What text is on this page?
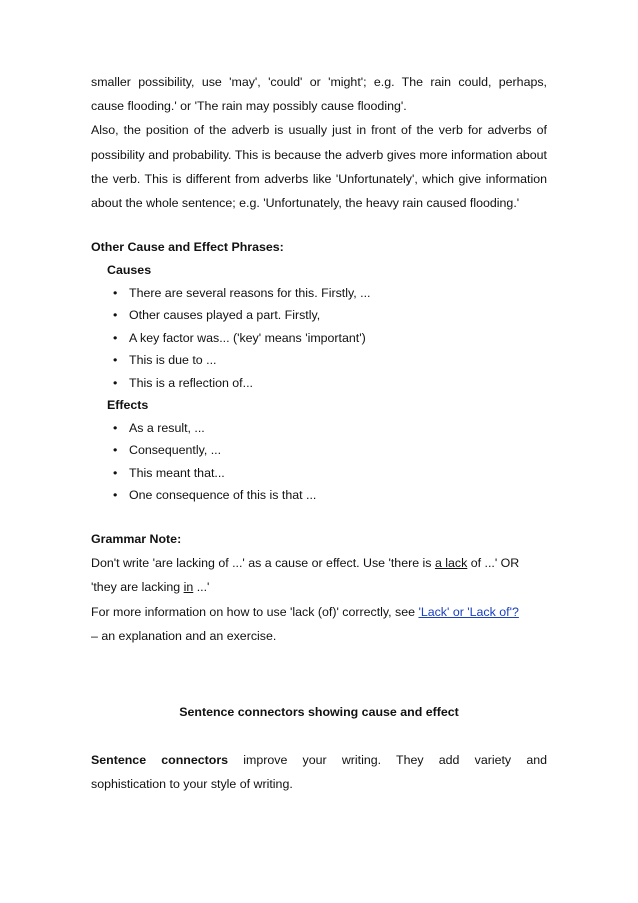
smaller possibility, use 'may', 'could' or 'might'; e.g. The rain could, perhaps,

cause flooding.' or 'The rain may possibly cause flooding'.

Also, the position of the adverb is usually just in front of the verb for adverbs of possibility and probability. This is because the adverb gives more information about the verb. This is different from adverbs like 'Unfortunately', which give information about the whole sentence; e.g. 'Unfortunately, the heavy rain caused flooding.'

Other Cause and Effect Phrases:

Causes

• There are several reasons for this. Firstly, ...
• Other causes played a part. Firstly,
• A key factor was... ('key' means 'important')
• This is due to ...
• This is a reflection of...

Effects

• As a result, ...
• Consequently, ...
• This meant that...
• One consequence of this is that ...

Grammar Note:

Don't write 'are lacking of ...' as a cause or effect. Use 'there is a lack of ...' OR

'they are lacking in ...'

For more information on how to use 'lack (of)' correctly, see 'Lack' or 'Lack of'?

– an explanation and an exercise.

Sentence connectors showing cause and effect

Sentence connectors improve your writing. They add variety and

sophistication to your style of writing.
